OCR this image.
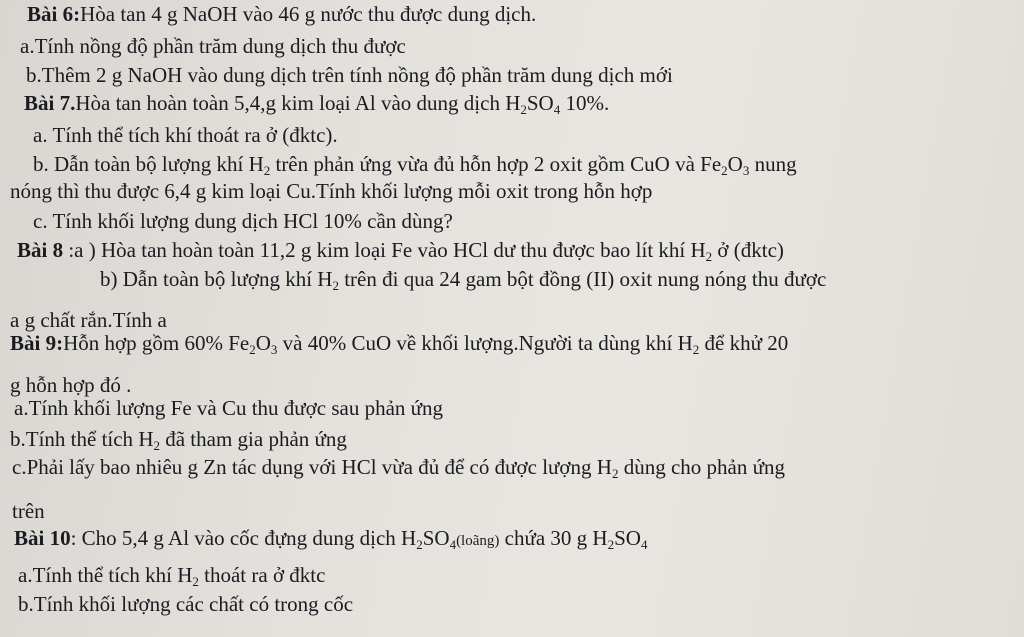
Bài 6:Hòa tan 4 g NaOH vào 46 g nước thu được dung dịch.
a.Tính nồng độ phần trăm dung dịch thu được
b.Thêm 2 g NaOH vào dung dịch trên tính nồng độ phần trăm dung dịch mới
Bài 7.Hòa tan hoàn toàn 5,4,g kim loại Al vào dung dịch $H_2SO_4$ 10%.
a. Tính thể tích khí thoát ra ở (đktc).
b. Dẫn toàn bộ lượng khí $H_2$ trên phản ứng vừa đủ hỗn hợp 2 oxit gồm CuO và $Fe_2O_3$ nung
nóng thì thu được 6,4 g kim loại Cu.Tính khối lượng mỗi oxit trong hỗn hợp
c. Tính khối lượng dung dịch HCl 10% cần dùng?
Bài 8 :a ) Hòa tan hoàn toàn 11,2 g kim loại Fe vào HCl dư thu được bao lít khí $H_2$ ở (đktc)
b) Dẫn toàn bộ lượng khí $H_2$ trên đi qua 24 gam bột đồng (II) oxit nung nóng thu được
a g chất rắn.Tính a
Bài 9:Hỗn hợp gồm 60% $Fe_2O_3$ và 40% CuO về khối lượng.Người ta dùng khí $H_2$ để khử 20
g hỗn hợp đó .
a.Tính khối lượng Fe và Cu thu được sau phản ứng
b.Tính thể tích $H_2$ đã tham gia phản ứng
c.Phải lấy bao nhiêu g Zn tác dụng với HCl vừa đủ để có được lượng $H_2$ dùng cho phản ứng
trên
Bài 10: Cho 5,4 g Al vào cốc đựng dung dịch $H_2SO_4(loãng)$ chứa 30 g $H_2SO_4$
a.Tính thể tích khí $H_2$ thoát ra ở đktc
b.Tính khối lượng các chất có trong cốc
